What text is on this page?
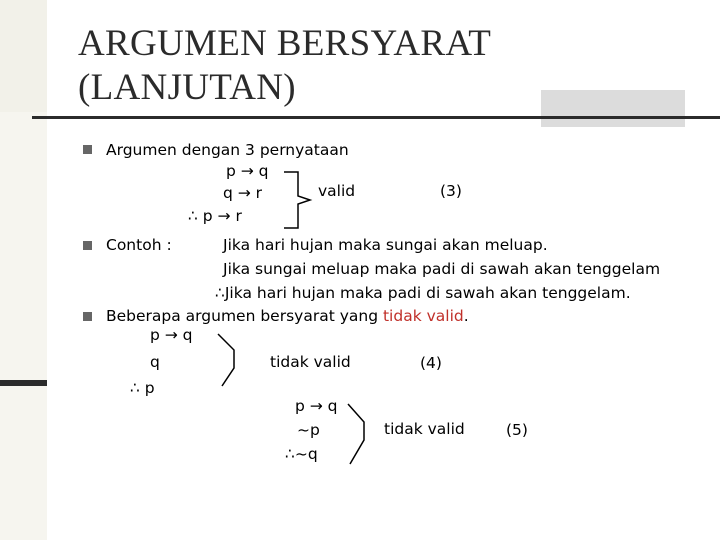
ARGUMEN BERSYARAT
(LANJUTAN)
Argumen dengan 3 pernyataan
p → q
q → r
∴ p → r
valid	(3)
Contoh :	Jika hari hujan maka sungai akan meluap.
Jika sungai meluap maka padi di sawah akan tenggelam
∴Jika hari hujan maka padi di sawah akan tenggelam.
Beberapa argumen bersyarat yang tidak valid.
p → q
q
∴ p
tidak valid	(4)
p → q
~p
∴~q
tidak valid	(5)
